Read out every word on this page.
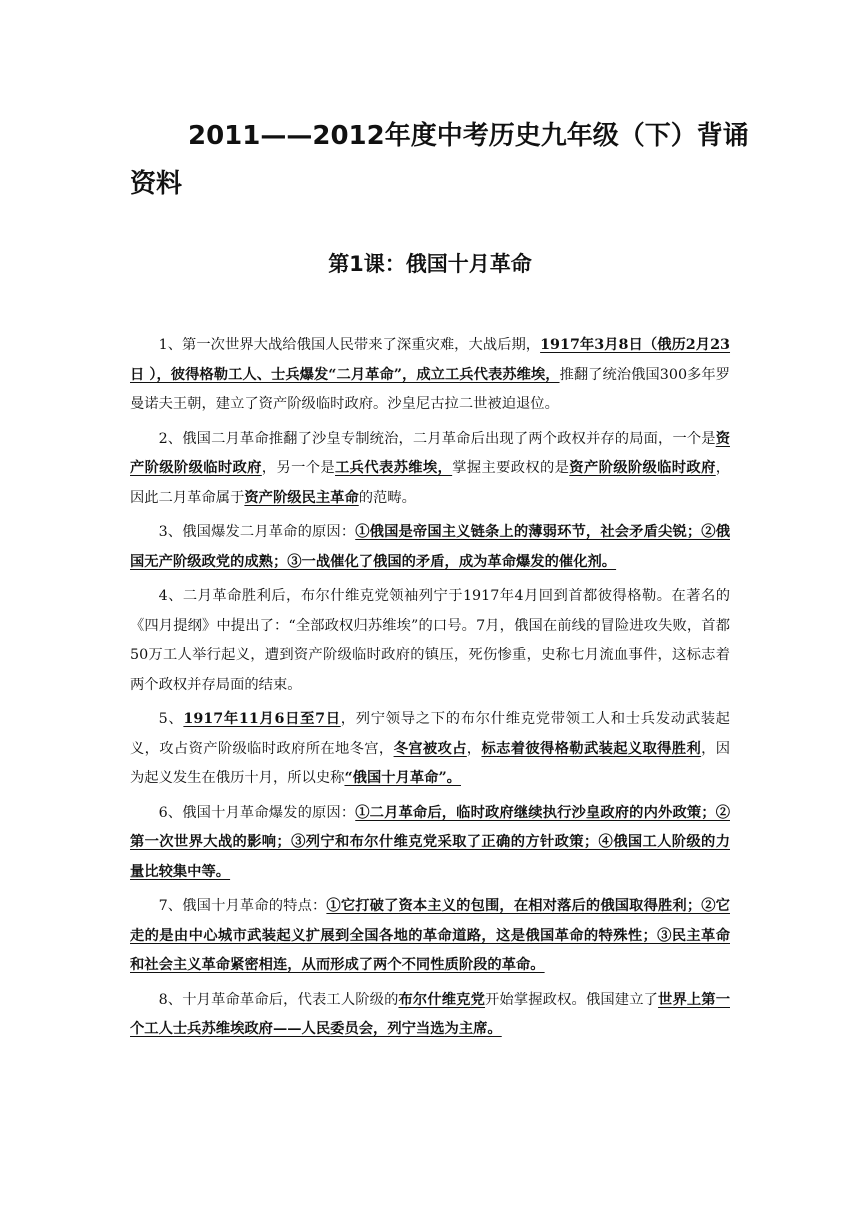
2011——2012年度中考历史九年级（下）背诵资料
第1课：俄国十月革命

1、第一次世界大战给俄国人民带来了深重灾难，大战后期，1917年3月8日（俄历2月23日 ），彼得格勒工人、士兵爆发“二月革命”，成立工兵代表苏维埃，推翻了统治俄国300多年罗曼诺夫王朝，建立了资产阶级临时政府。沙皇尼古拉二世被迫退位。

2、俄国二月革命推翻了沙皇专制统治，二月革命后出现了两个政权并存的局面，一个是资产阶级阶级临时政府，另一个是工兵代表苏维埃，掌握主要政权的是资产阶级阶级临时政府，因此二月革命属于资产阶级民主革命的范畴。

3、俄国爆发二月革命的原因：①俄国是帝国主义链条上的薄弱环节，社会矛盾尖锐；②俄国无产阶级政党的成熟；③一战催化了俄国的矛盾，成为革命爆发的催化剂。

4、二月革命胜利后，布尔什维克党领袖列宁于1917年4月回到首都彼得格勒。在著名的《四月提纲》中提出了：“全部政权归苏维埃”的口号。7月，俄国在前线的冒险进攻失败，首都50万工人举行起义，遭到资产阶级临时政府的镇压，死伤惨重，史称七月流血事件，这标志着两个政权并存局面的结束。

5、1917年11月6日至7日，列宁领导之下的布尔什维克党带领工人和士兵发动武装起义，攻占资产阶级临时政府所在地冬宫，冬宫被攻占，标志着彼得格勒武装起义取得胜利，因为起义发生在俄历十月，所以史称“俄国十月革命”。

6、俄国十月革命爆发的原因：①二月革命后，临时政府继续执行沙皇政府的内外政策；②第一次世界大战的影响；③列宁和布尔什维克党采取了正确的方针政策；④俄国工人阶级的力量比较集中等。

7、俄国十月革命的特点：①它打破了资本主义的包围，在相对落后的俄国取得胜利；②它走的是由中心城市武装起义扩展到全国各地的革命道路，这是俄国革命的特殊性；③民主革命和社会主义革命紧密相连，从而形成了两个不同性质阶段的革命。

8、十月革命革命后，代表工人阶级的布尔什维克党开始掌握政权。俄国建立了世界上第一个工人士兵苏维埃政府——人民委员会，列宁当选为主席。
